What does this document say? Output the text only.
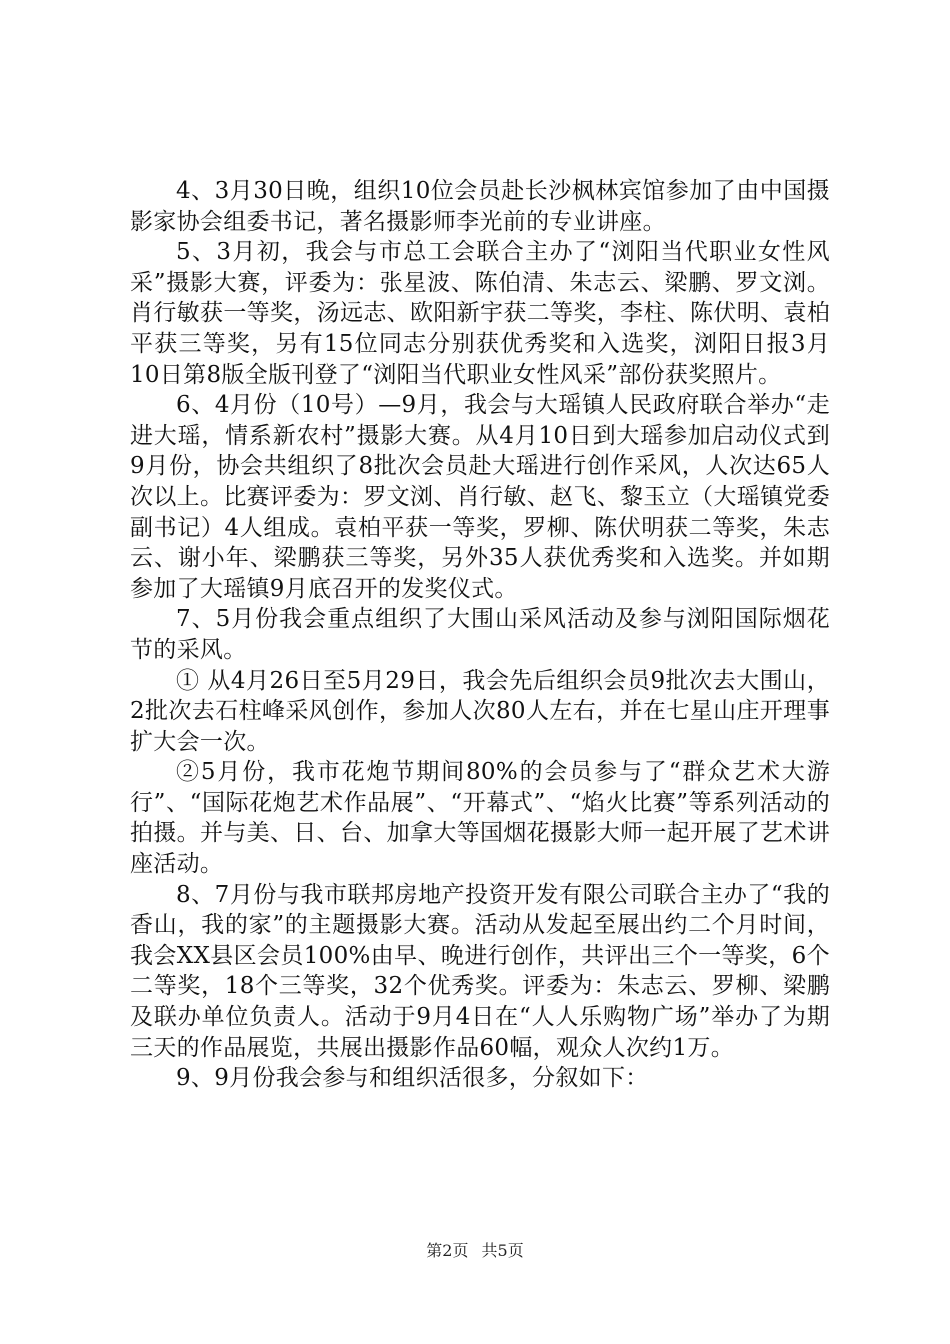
4、3月30日晚，组织10位会员赴长沙枫林宾馆参加了由中国摄影家协会组委书记，著名摄影师李光前的专业讲座。

5、3月初，我会与市总工会联合主办了“浏阳当代职业女性风采”摄影大赛，评委为：张星波、陈伯清、朱志云、梁鹏、罗文浏。肖行敏获一等奖，汤远志、欧阳新宇获二等奖，李柱、陈伏明、袁柏平获三等奖，另有15位同志分别获优秀奖和入选奖，浏阳日报3月10日第8版全版刊登了“浏阳当代职业女性风采”部份获奖照片。

6、4月份（10号）—9月，我会与大瑶镇人民政府联合举办“走进大瑶，情系新农村”摄影大赛。从4月10日到大瑶参加启动仪式到9月份，协会共组织了8批次会员赴大瑶进行创作采风，人次达65人次以上。比赛评委为：罗文浏、肖行敏、赵飞、黎玉立（大瑶镇党委副书记）4人组成。袁柏平获一等奖，罗柳、陈伏明获二等奖，朱志云、谢小年、梁鹏获三等奖，另外35人获优秀奖和入选奖。并如期参加了大瑶镇9月底召开的发奖仪式。

7、5月份我会重点组织了大围山采风活动及参与浏阳国际烟花节的采风。

① 从4月26日至5月29日，我会先后组织会员9批次去大围山，2批次去石柱峰采风创作，参加人次80人左右，并在七星山庄开理事扩大会一次。

②5月份，我市花炮节期间80%的会员参与了“群众艺术大游行”、“国际花炮艺术作品展”、“开幕式”、“焰火比赛”等系列活动的拍摄。并与美、日、台、加拿大等国烟花摄影大师一起开展了艺术讲座活动。

8、7月份与我市联邦房地产投资开发有限公司联合主办了“我的香山，我的家”的主题摄影大赛。活动从发起至展出约二个月时间，我会XX县区会员100%由早、晚进行创作，共评出三个一等奖，6个二等奖，18个三等奖，32个优秀奖。评委为：朱志云、罗柳、梁鹏及联办单位负责人。活动于9月4日在“人人乐购物广场”举办了为期三天的作品展览，共展出摄影作品60幅，观众人次约1万。

9、9月份我会参与和组织活很多，分叙如下：

第2页 共5页
